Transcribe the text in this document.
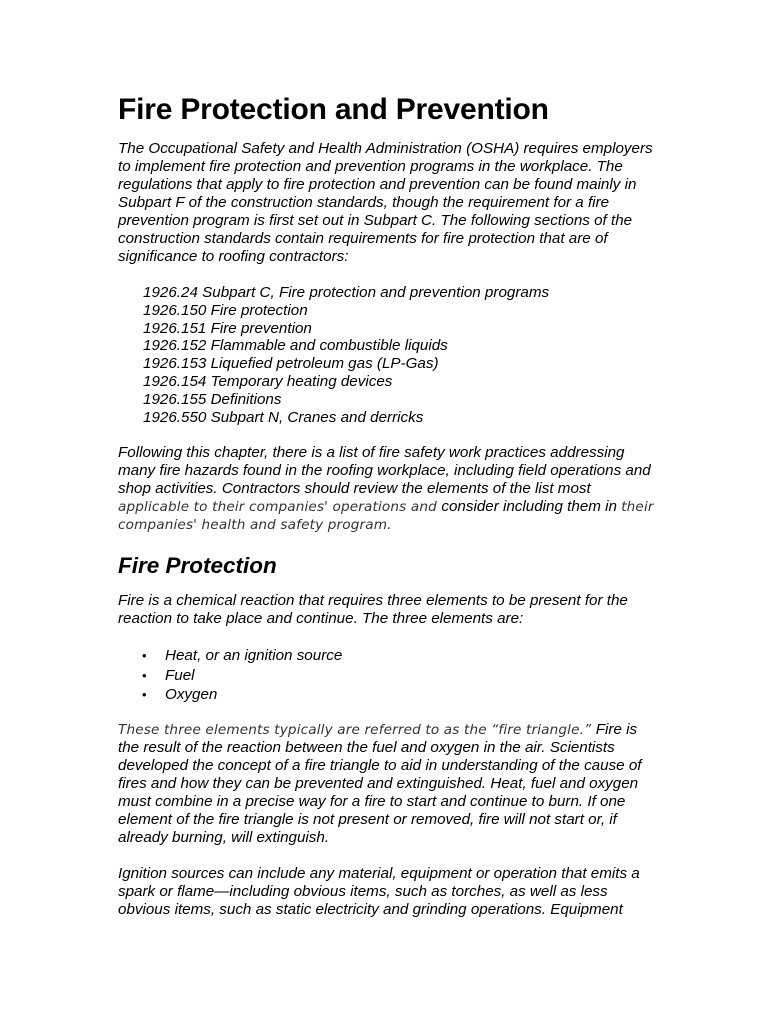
Fire Protection and Prevention

The Occupational Safety and Health Administration (OSHA) requires employers to implement fire protection and prevention programs in the workplace. The regulations that apply to fire protection and prevention can be found mainly in Subpart F of the construction standards, though the requirement for a fire prevention program is first set out in Subpart C. The following sections of the construction standards contain requirements for fire protection that are of significance to roofing contractors:

1926.24 Subpart C, Fire protection and prevention programs
1926.150 Fire protection
1926.151 Fire prevention
1926.152 Flammable and combustible liquids
1926.153 Liquefied petroleum gas (LP-Gas)
1926.154 Temporary heating devices
1926.155 Definitions
1926.550 Subpart N, Cranes and derricks

Following this chapter, there is a list of fire safety work practices addressing many fire hazards found in the roofing workplace, including field operations and shop activities. Contractors should review the elements of the list most applicable to their companies' operations and consider including them in their companies' health and safety program.

Fire Protection

Fire is a chemical reaction that requires three elements to be present for the reaction to take place and continue. The three elements are:

• Heat, or an ignition source
• Fuel
• Oxygen

These three elements typically are referred to as the “fire triangle.” Fire is the result of the reaction between the fuel and oxygen in the air. Scientists developed the concept of a fire triangle to aid in understanding of the cause of fires and how they can be prevented and extinguished. Heat, fuel and oxygen must combine in a precise way for a fire to start and continue to burn. If one element of the fire triangle is not present or removed, fire will not start or, if already burning, will extinguish.

Ignition sources can include any material, equipment or operation that emits a spark or flame—including obvious items, such as torches, as well as less obvious items, such as static electricity and grinding operations. Equipment
